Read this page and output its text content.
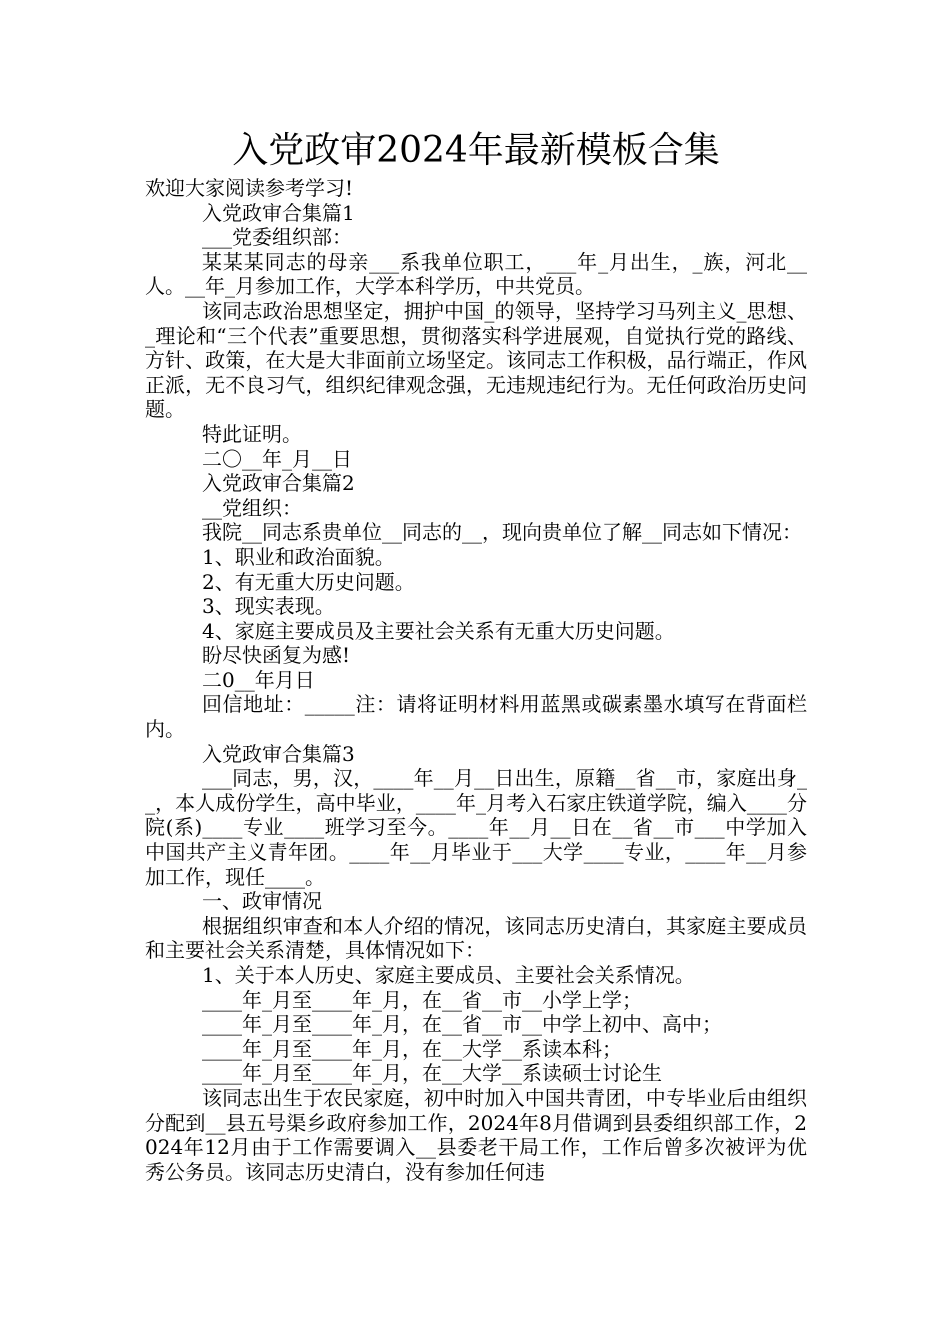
入党政审2024年最新模板合集

欢迎大家阅读参考学习!

入党政审合集篇1

___党委组织部：

某某某同志的母亲___系我单位职工，___年_月出生，_族，河北__人。__年_月参加工作，大学本科学历，中共党员。

该同志政治思想坚定，拥护中国_的领导，坚持学习马列主义_思想、_理论和“三个代表”重要思想，贯彻落实科学进展观，自觉执行党的路线、方针、政策，在大是大非面前立场坚定。该同志工作积极，品行端正，作风正派，无不良习气，组织纪律观念强，无违规违纪行为。无任何政治历史问题。

特此证明。

二〇__年_月__日

入党政审合集篇2

__党组织：

我院__同志系贵单位__同志的__，现向贵单位了解__同志如下情况：

1、职业和政治面貌。

2、有无重大历史问题。

3、现实表现。

4、家庭主要成员及主要社会关系有无重大历史问题。

盼尽快函复为感!

二0__年月日

回信地址：_____注：请将证明材料用蓝黑或碳素墨水填写在背面栏内。

入党政审合集篇3

___同志，男，汉，____年__月__日出生，原籍__省__市，家庭出身__，本人成份学生，高中毕业，____年_月考入石家庄铁道学院，编入____分院(系)____专业____班学习至今。____年__月__日在__省__市___中学加入中国共产主义青年团。____年__月毕业于___大学____专业，____年__月参加工作，现任____。

一、政审情况

根据组织审查和本人介绍的情况，该同志历史清白，其家庭主要成员和主要社会关系清楚，具体情况如下：

1、关于本人历史、家庭主要成员、主要社会关系情况。

____年_月至____年_月，在__省__市__小学上学；

____年_月至____年_月，在__省__市__中学上初中、高中；

____年_月至____年_月，在__大学__系读本科；

____年_月至____年_月，在__大学__系读硕士讨论生

该同志出生于农民家庭，初中时加入中国共青团，中专毕业后由组织分配到__县五号渠乡政府参加工作，2024年8月借调到县委组织部工作，2024年12月由于工作需要调入__县委老干局工作，工作后曾多次被评为优秀公务员。该同志历史清白，没有参加任何违
